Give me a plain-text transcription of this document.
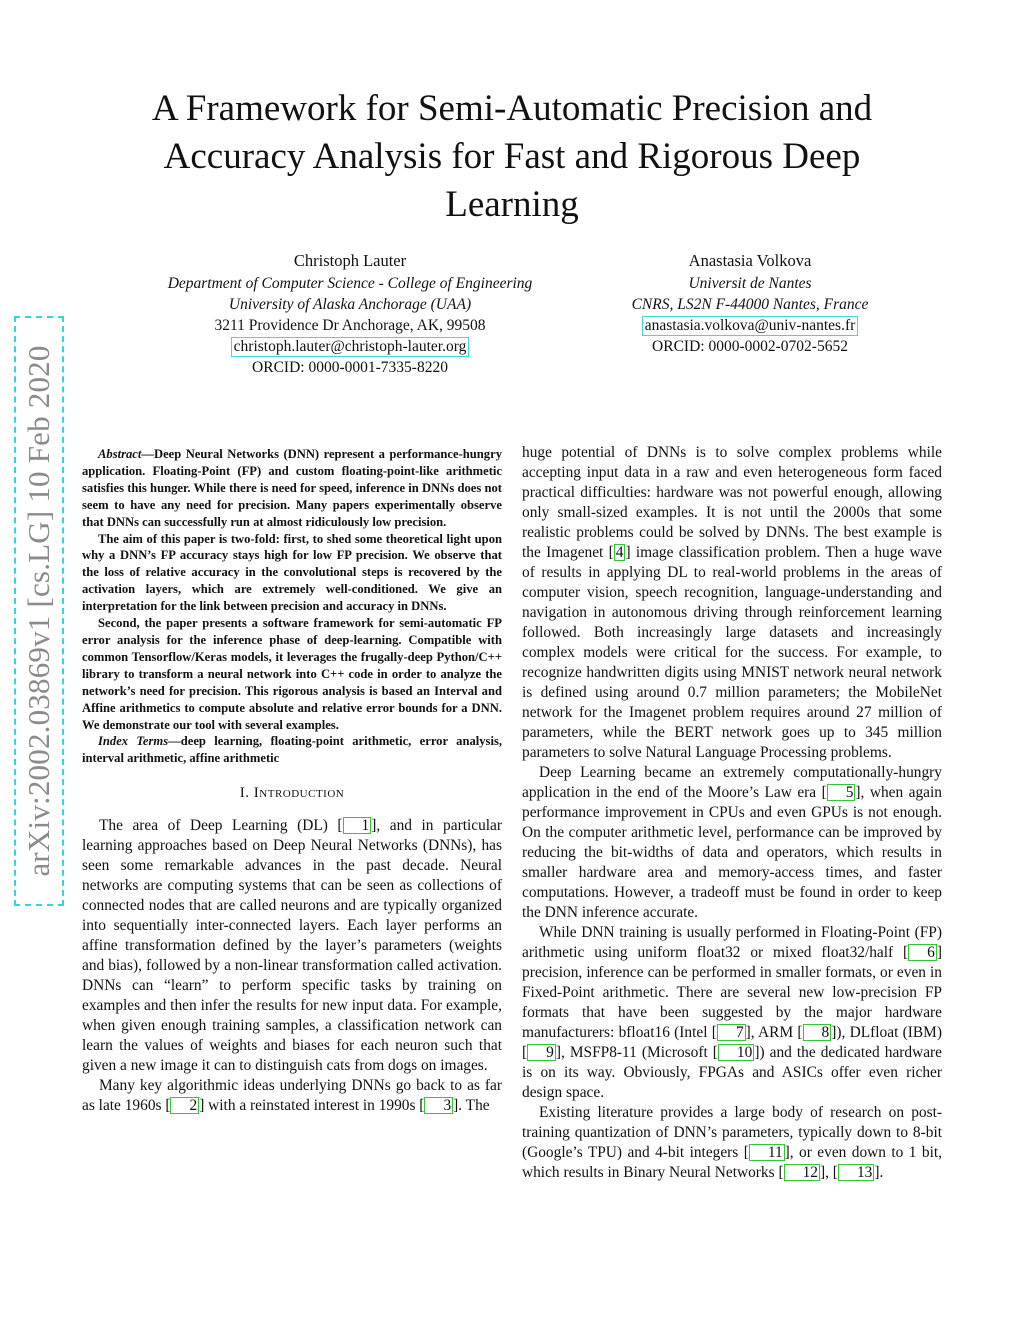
arXiv:2002.03869v1 [cs.LG] 10 Feb 2020
A Framework for Semi-Automatic Precision and
Accuracy Analysis for Fast and Rigorous Deep
Learning
Christoph Lauter
Department of Computer Science - College of Engineering
University of Alaska Anchorage (UAA)
3211 Providence Dr Anchorage, AK, 99508
christoph.lauter@christoph-lauter.org
ORCID: 0000-0001-7335-8220
Anastasia Volkova
Universit de Nantes
CNRS, LS2N F-44000 Nantes, France
anastasia.volkova@univ-nantes.fr
ORCID: 0000-0002-0702-5652

Abstract—Deep Neural Networks (DNN) represent a performance-hungry application. Floating-Point (FP) and custom floating-point-like arithmetic satisfies this hunger. While there is need for speed, inference in DNNs does not seem to have any need for precision. Many papers experimentally observe that DNNs can successfully run at almost ridiculously low precision.

The aim of this paper is two-fold: first, to shed some theoretical light upon why a DNN’s FP accuracy stays high for low FP precision. We observe that the loss of relative accuracy in the convolutional steps is recovered by the activation layers, which are extremely well-conditioned. We give an interpretation for the link between precision and accuracy in DNNs.

Second, the paper presents a software framework for semi-automatic FP error analysis for the inference phase of deep-learning. Compatible with common Tensorflow/Keras models, it leverages the frugally-deep Python/C++ library to transform a neural network into C++ code in order to analyze the network’s need for precision. This rigorous analysis is based an Interval and Affine arithmetics to compute absolute and relative error bounds for a DNN. We demonstrate our tool with several examples.

Index Terms—deep learning, floating-point arithmetic, error analysis, interval arithmetic, affine arithmetic

I. Introduction

The area of Deep Learning (DL) [ 1 ], and in particular learning approaches based on Deep Neural Networks (DNNs), has seen some remarkable advances in the past decade. Neural networks are computing systems that can be seen as collections of connected nodes that are called neurons and are typically organized into sequentially inter-connected layers. Each layer performs an affine transformation defined by the layer’s parameters (weights and bias), followed by a non-linear transformation called activation. DNNs can “learn” to perform specific tasks by training on examples and then infer the results for new input data. For example, when given enough training samples, a classification network can learn the values of weights and biases for each neuron such that given a new image it can to distinguish cats from dogs on images.

Many key algorithmic ideas underlying DNNs go back to as far as late 1960s [ 2 ] with a reinstated interest in 1990s [ 3 ]. The

huge potential of DNNs is to solve complex problems while accepting input data in a raw and even heterogeneous form faced practical difficulties: hardware was not powerful enough, allowing only small-sized examples. It is not until the 2000s that some realistic problems could be solved by DNNs. The best example is the Imagenet [ 4 ] image classification problem. Then a huge wave of results in applying DL to real-world problems in the areas of computer vision, speech recognition, language-understanding and navigation in autonomous driving through reinforcement learning followed. Both increasingly large datasets and increasingly complex models were critical for the success. For example, to recognize handwritten digits using MNIST network neural network is defined using around 0.7 million parameters; the MobileNet network for the Imagenet problem requires around 27 million of parameters, while the BERT network goes up to 345 million parameters to solve Natural Language Processing problems.

Deep Learning became an extremely computationally-hungry application in the end of the Moore’s Law era [ 5 ], when again performance improvement in CPUs and even GPUs is not enough. On the computer arithmetic level, performance can be improved by reducing the bit-widths of data and operators, which results in smaller hardware area and memory-access times, and faster computations. However, a tradeoff must be found in order to keep the DNN inference accurate.

While DNN training is usually performed in Floating-Point (FP) arithmetic using uniform float32 or mixed float32/half [ 6 ] precision, inference can be performed in smaller formats, or even in Fixed-Point arithmetic. There are several new low-precision FP formats that have been suggested by the major hardware manufacturers: bfloat16 (Intel [ 7 ], ARM [ 8 ]), DLfloat (IBM) [ 9 ], MSFP8-11 (Microsoft [ 10 ]) and the dedicated hardware is on its way. Obviously, FPGAs and ASICs offer even richer design space.

Existing literature provides a large body of research on post-training quantization of DNN’s parameters, typically down to 8-bit (Google’s TPU) and 4-bit integers [ 11 ], or even down to 1 bit, which results in Binary Neural Networks [ 12 ], [ 13 ].
